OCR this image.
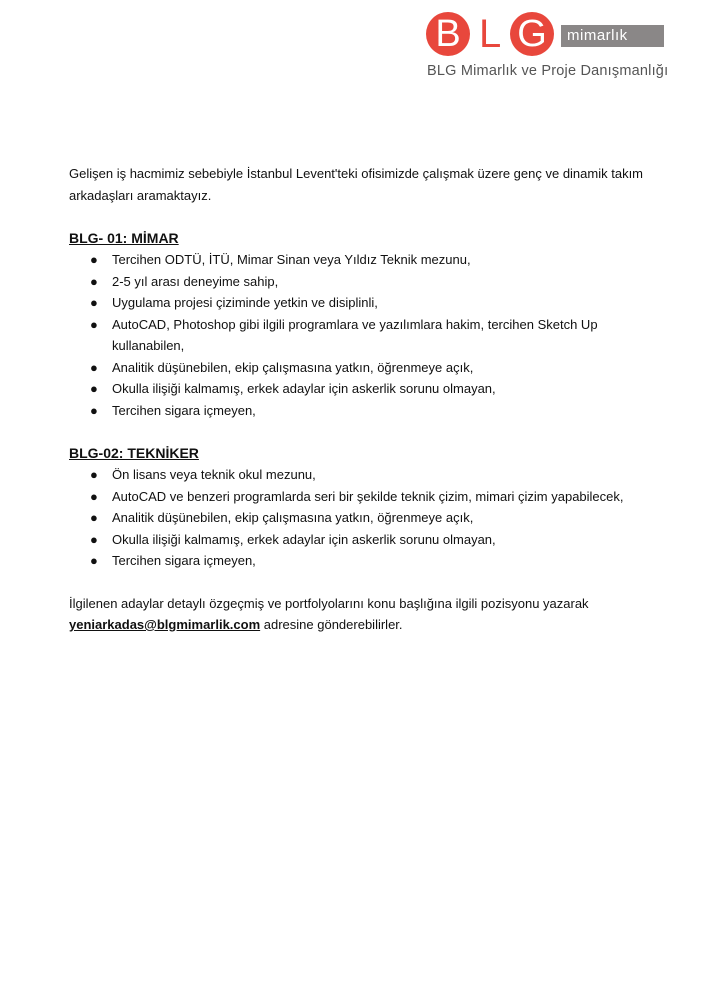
B L G	mimarlık
BLG Mimarlık ve Proje Danışmanlığı

Gelişen iş hacmimiz sebebiyle İstanbul Levent'teki ofisimizde çalışmak üzere genç ve dinamik takım arkadaşları aramaktayız.

BLG- 01: MİMAR
● Tercihen ODTÜ, İTÜ, Mimar Sinan veya Yıldız Teknik mezunu,
● 2-5 yıl arası deneyime sahip,
● Uygulama projesi çiziminde yetkin ve disiplinli,
● AutoCAD, Photoshop gibi ilgili programlara ve yazılımlara hakim, tercihen Sketch Up kullanabilen,
● Analitik düşünebilen, ekip çalışmasına yatkın, öğrenmeye açık,
● Okulla ilişiği kalmamış, erkek adaylar için askerlik sorunu olmayan,
● Tercihen sigara içmeyen,
BLG-02: TEKNİKER
● Ön lisans veya teknik okul mezunu,
● AutoCAD ve benzeri programlarda seri bir şekilde teknik çizim, mimari çizim yapabilecek,
● Analitik düşünebilen, ekip çalışmasına yatkın, öğrenmeye açık,
● Okulla ilişiği kalmamış, erkek adaylar için askerlik sorunu olmayan,
● Tercihen sigara içmeyen,

İlgilenen adaylar detaylı özgeçmiş ve portfolyolarını konu başlığına ilgili pozisyonu yazarak
yeniarkadas@blgmimarlik.com adresine gönderebilirler.
